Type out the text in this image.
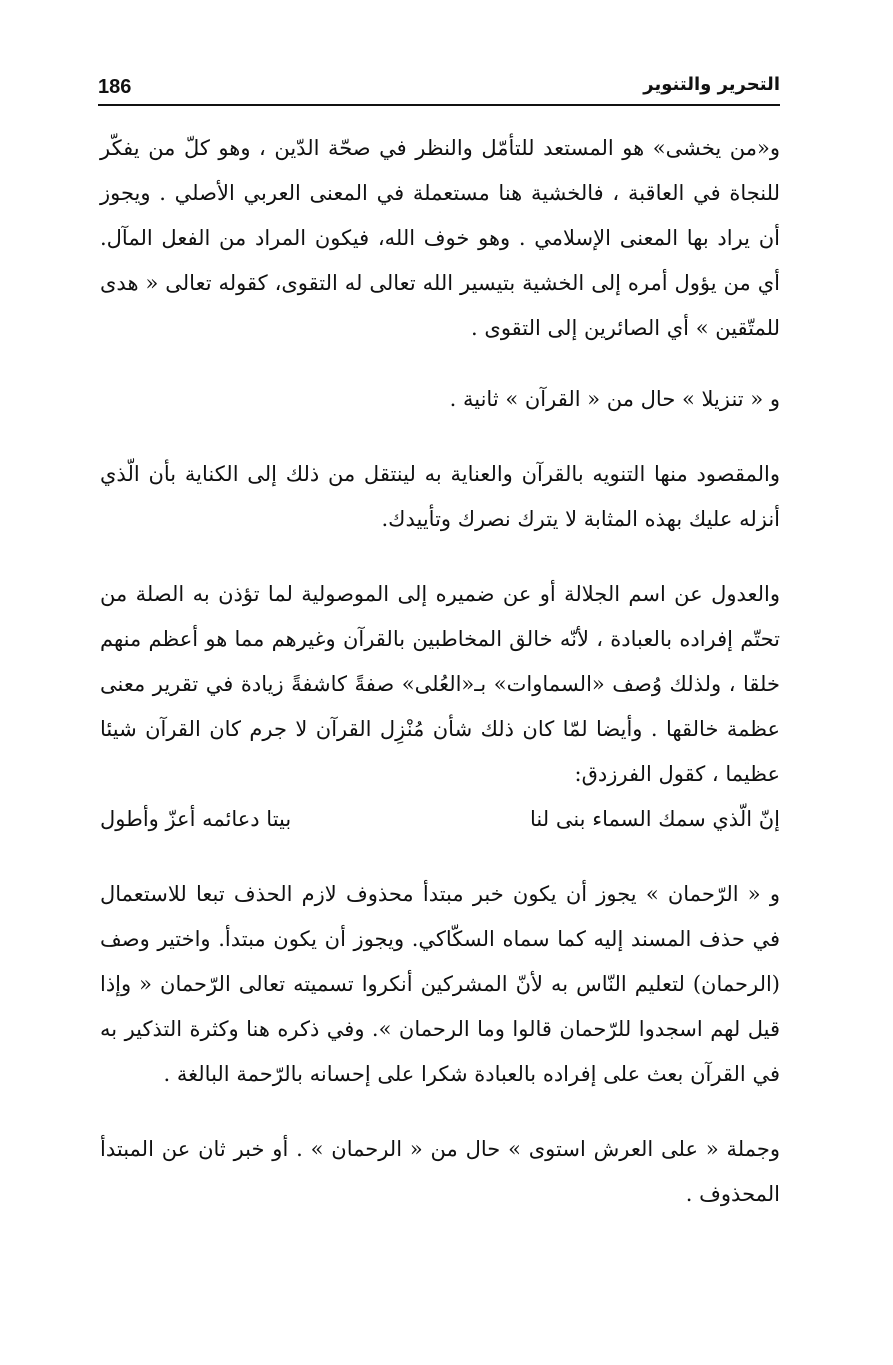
186	التحرير والتنوير

و«من يخشى» هو المستعد للتأمّل والنظر في صحّة الدّين ، وهو كلّ من يفكّر للنجاة في العاقبة ، فالخشية هنا مستعملة في المعنى العربي الأصلي . ويجوز أن يراد بها المعنى الإسلامي . وهو خوف الله، فيكون المراد من الفعل المآل. أي من يؤول أمره إلى الخشية بتيسير الله تعالى له التقوى، كقوله تعالى « هدى للمتّقين » أي الصائرين إلى التقوى .

و « تنزيلا » حال من « القرآن » ثانية .

والمقصود منها التنويه بالقرآن والعناية به لينتقل من ذلك إلى الكناية بأن الّذي أنزله عليك بهذه المثابة لا يترك نصرك وتأييدك.

والعدول عن اسم الجلالة أو عن ضميره إلى الموصولية لما تؤذن به الصلة من تحتّم إفراده بالعبادة ، لأنّه خالق المخاطبين بالقرآن وغيرهم مما هو أعظم منهم خلقا ، ولذلك وُصف «السماوات» بـ«العُلى» صفةً كاشفةً زيادة في تقرير معنى عظمة خالقها . وأيضا لمّا كان ذلك شأن مُنْزِل القرآن لا جرم كان القرآن شيئا عظيما ، كقول الفرزدق:

إنّ الّذي سمك السماء بنى لنا
بيتا دعائمه أعزّ وأطول

و « الرّحمان » يجوز أن يكون خبر مبتدأ محذوف لازم الحذف تبعا للاستعمال في حذف المسند إليه كما سماه السكّاكي. ويجوز أن يكون مبتدأ. واختير وصف (الرحمان) لتعليم النّاس به لأنّ المشركين أنكروا تسميته تعالى الرّحمان « وإذا قيل لهم اسجدوا للرّحمان قالوا وما الرحمان ». وفي ذكره هنا وكثرة التذكير به في القرآن بعث على إفراده بالعبادة شكرا على إحسانه بالرّحمة البالغة .

وجملة « على العرش استوى » حال من « الرحمان » . أو خبر ثان عن المبتدأ المحذوف .
